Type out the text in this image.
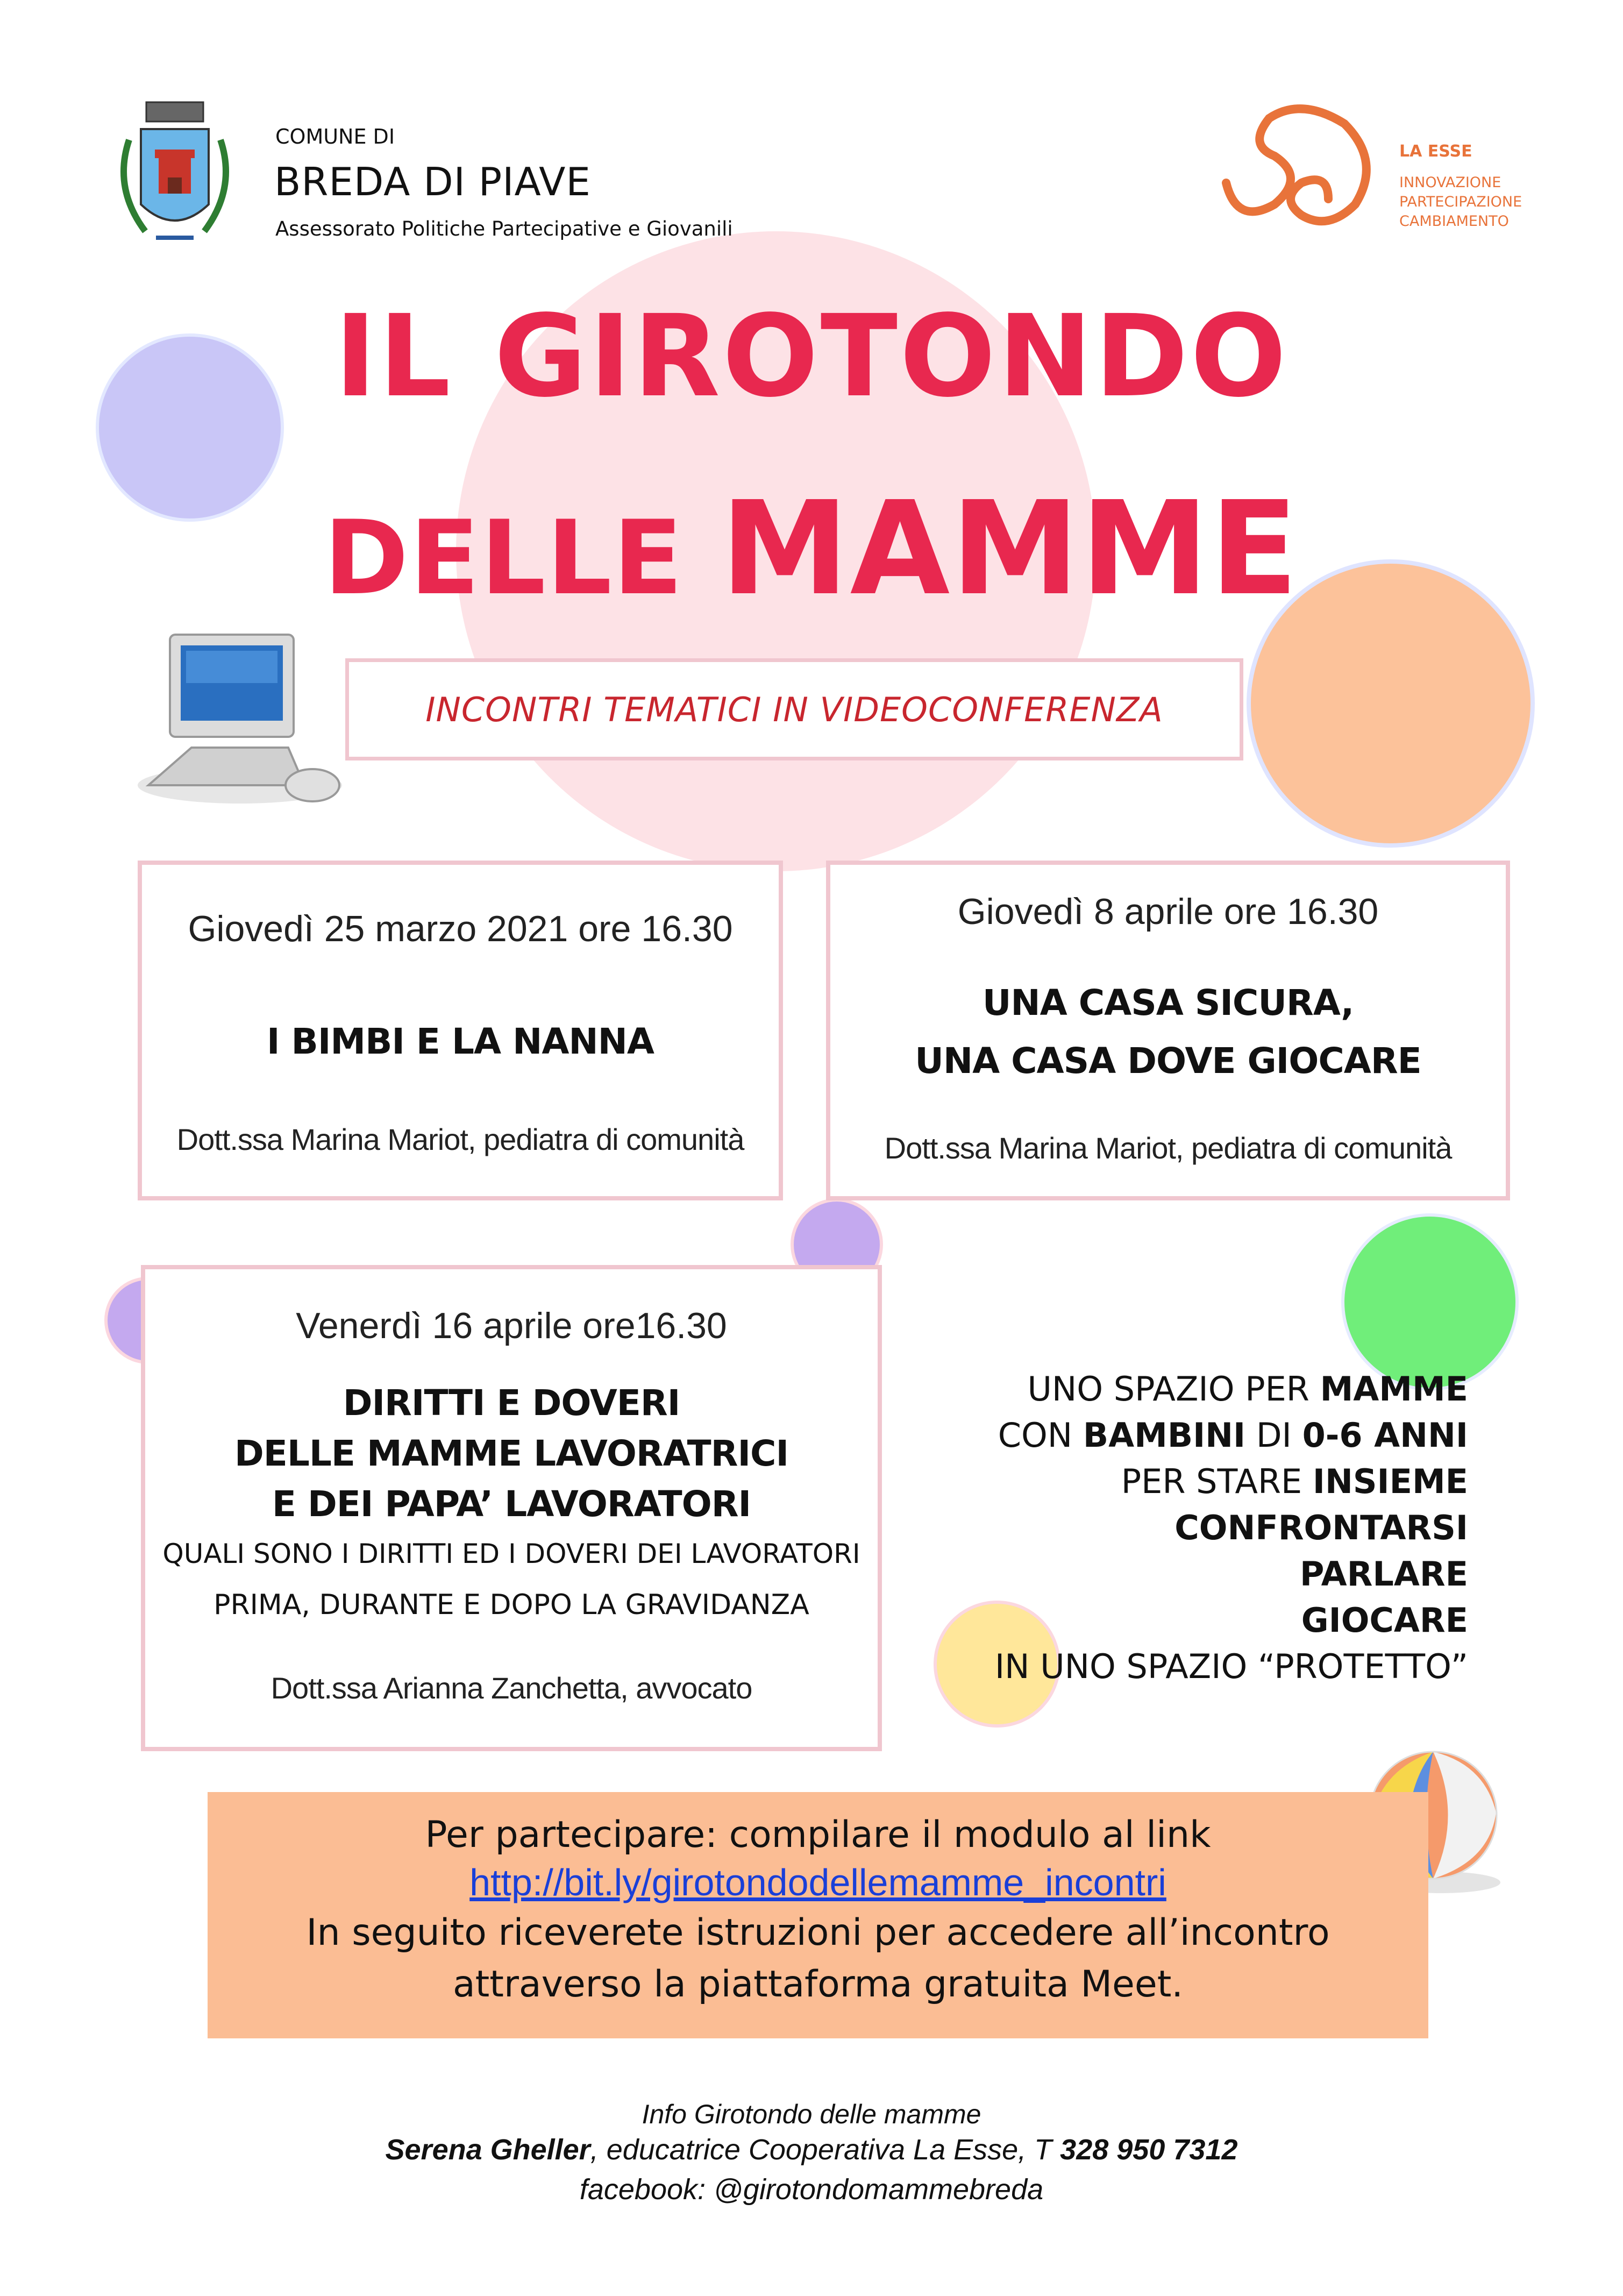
COMUNE DI
BREDA DI PIAVE
Assessorato Politiche Partecipative e Giovanili
LA ESSE
INNOVAZIONE
PARTECIPAZIONE
CAMBIAMENTO
IL GIROTONDO
DELLE MAMME
INCONTRI TEMATICI IN VIDEOCONFERENZA
Giovedì 25 marzo 2021 ore 16.30
I BIMBI E LA NANNA
Dott.ssa Marina Mariot, pediatra di comunità
Giovedì 8 aprile ore 16.30
UNA CASA SICURA,
UNA CASA DOVE GIOCARE
Dott.ssa Marina Mariot, pediatra di comunità
Venerdì 16 aprile ore16.30
DIRITTI E DOVERI
DELLE MAMME LAVORATRICI
E DEI PAPA’ LAVORATORI
QUALI SONO I DIRITTI ED I DOVERI DEI LAVORATORI
PRIMA, DURANTE E DOPO LA GRAVIDANZA
Dott.ssa Arianna Zanchetta, avvocato
UNO SPAZIO PER MAMME
CON BAMBINI DI 0-6 ANNI
PER STARE INSIEME
CONFRONTARSI
PARLARE
GIOCARE
IN UNO SPAZIO “PROTETTO”
Per partecipare: compilare il modulo al link
http://bit.ly/girotondodellemamme_incontri
In seguito riceverete istruzioni per accedere all’incontro
attraverso la piattaforma gratuita Meet.
Info Girotondo delle mamme
Serena Gheller, educatrice Cooperativa La Esse, T 328 950 7312
facebook: @girotondomammebreda
